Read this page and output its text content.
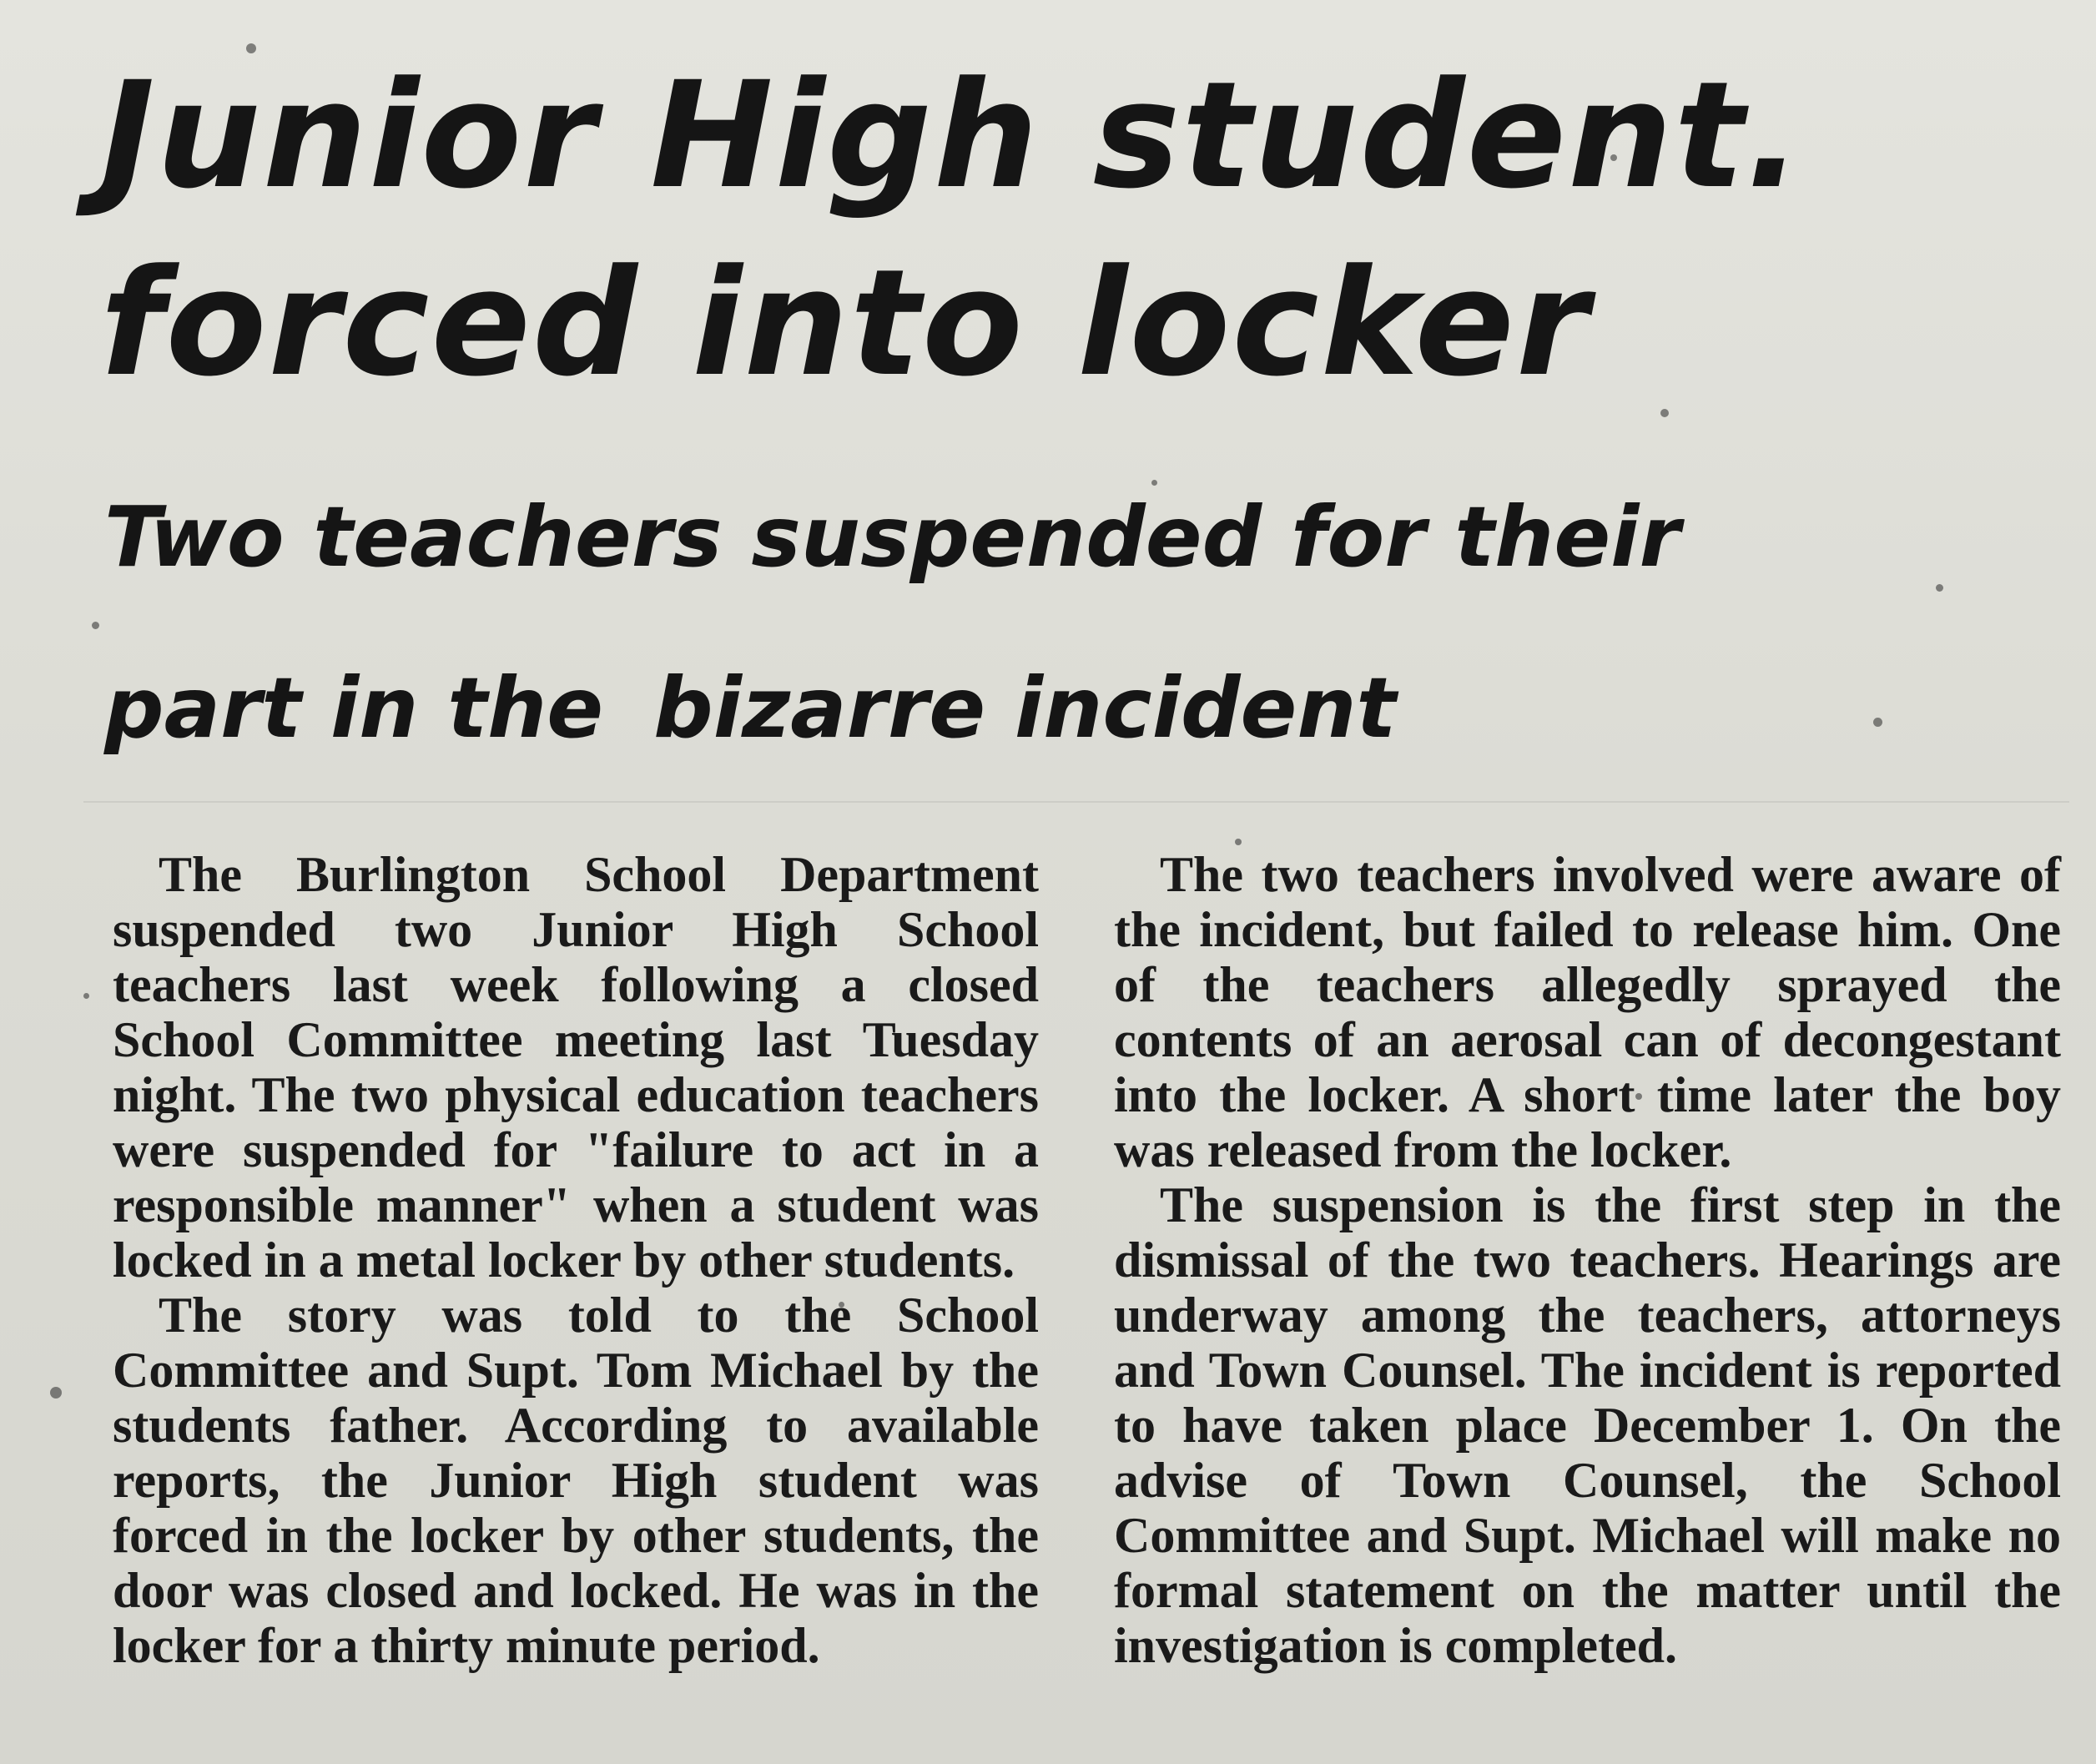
Junior High student.
forced into locker
Two teachers suspended for their
part in the bizarre incident

The Burlington School Department suspended two Junior High School teachers last week following a closed School Committee meeting last Tuesday night. The two physical education teachers were suspended for "failure to act in a responsible manner" when a student was locked in a metal locker by other students.

The story was told to the School Committee and Supt. Tom Michael by the students father. According to available reports, the Junior High student was forced in the locker by other students, the door was closed and locked. He was in the locker for a thirty minute period.

The two teachers involved were aware of the incident, but failed to release him. One of the teachers allegedly sprayed the contents of an aerosal can of decongestant into the locker. A short time later the boy was released from the locker.

The suspension is the first step in the dismissal of the two teachers. Hearings are underway among the teachers, attorneys and Town Counsel. The incident is reported to have taken place December 1. On the advise of Town Counsel, the School Committee and Supt. Michael will make no formal statement on the matter until the investigation is completed.
